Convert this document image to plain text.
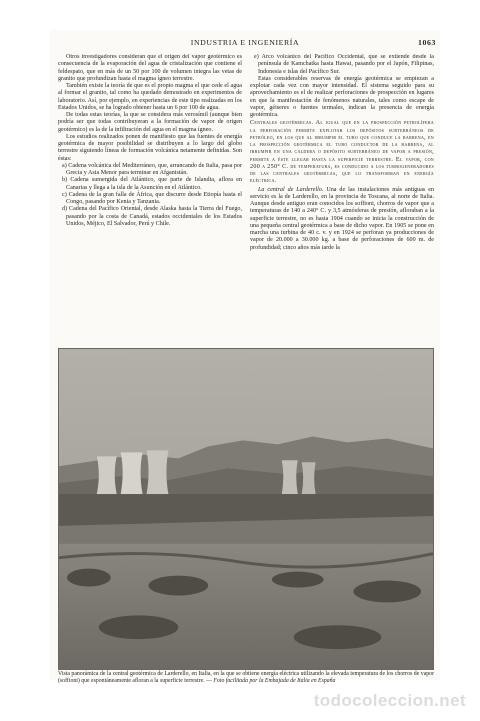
INDUSTRIA E INGENIERÍA	1063

Otros investigadores consideran que el origen del vapor geotérmico es consecuencia de la evaporación del agua de cristalización que contiene el feldespato, que en más de un 50 por 100 de volumen integra las vetas de granito que profundizan hasta el magma ígneo terrestre.

También existe la teoría de que es el propio magma el que cede el agua al formar el granito, tal como ha quedado demostrado en experimentos de laboratorio. Así, por ejemplo, en experiencias de este tipo realizadas en los Estados Unidos, se ha logrado obtener hasta un 6 por 100 de agua.

De todas estas teorías, la que se considera más verosímil (aunque bien podría ser que todas contribuyeran a la formación de vapor de origen geotérmico) es la de la infiltración del agua en el magma ígneo.

Los estudios realizados ponen de manifiesto que las fuentes de energía geotérmica de mayor posibilidad se distribuyen a lo largo del globo terrestre siguiendo líneas de formación volcánica netamente definidas. Son éstas:

a) Cadena volcánica del Mediterráneo, que, arrancando de Italia, pasa por Grecia y Asia Menor para terminar en Afganistán.

b) Cadena sumergida del Atlántico, que parte de Islandia, aflora en Canarias y llega a la isla de la Asunción en el Atlántico.

c) Cadena de la gran falla de África, que discurre desde Etiopía hasta el Congo, pasando por Kenia y Tanzania.

d) Cadena del Pacífico Oriental, desde Alaska hasta la Tierra del Fuego, pasando por la costa de Canadá, estados occidentales de los Estados Unidos, Méjico, El Salvador, Perú y Chile.

e) Arco volcánico del Pacífico Occidental, que se extiende desde la península de Kamchatka hasta Hawai, pasando por el Japón, Filipinas, Indonesia e islas del Pacífico Sur.

Estas considerables reservas de energía geotérmica se empiezan a explotar cada vez con mayor intensidad. El sistema seguido para su aprovechamiento es el de realizar perforaciones de prospección en lugares en que la manifestación de fenómenos naturales, tales como escape de vapor, géiseres o fuentes termales, indican la presencia de energía geotérmica.

Centrales geotérmicas. Al igual que en la prospección petrolífera la perforación permite explotar los depósitos subterráneos de petróleo, en los que al irrumpir el tubo que conduce la barrena, en la prospección geotérmica el tubo conductor de la barrena, al irrumpir en una caldera o depósito subterráneo de vapor a presión, permite a éste llegar hasta la superficie terrestre. El vapor, con 200 a 250° C. de temperatura, es conducido a los turbogeneradores de las centrales geotérmicas, que lo transforman en energía eléctrica.

La central de Larderello. Una de las instalaciones más antiguas en servicio es la de Larderello, en la provincia de Toscana, al norte de Italia. Aunque desde antiguo eran conocidos los soffioni, chorros de vapor que a temperaturas de 140 a 240° C. y 3,5 atmósferas de presión, afloraban a la superficie terrestre, no es hasta 1904 cuando se inicia la construcción de una pequeña central geotérmica a base de dicho vapor. En 1905 se pone en marcha una turbina de 40 c. v. y en 1924 se perforan ya producciones de vapor de 20.000 a 30.000 kg. a base de perforaciones de 600 m. de profundidad; cinco años más tarde la

Vista panorámica de la central geotérmica de Larderello, en Italia, en la que se obtiene energía eléctrica utilizando la elevada temperatura de los chorros de vapor (soffioni) que espontáneamente afloran a la superficie terrestre. — Foto facilitada por la Embajada de Italia en España
todocoleccion.net
